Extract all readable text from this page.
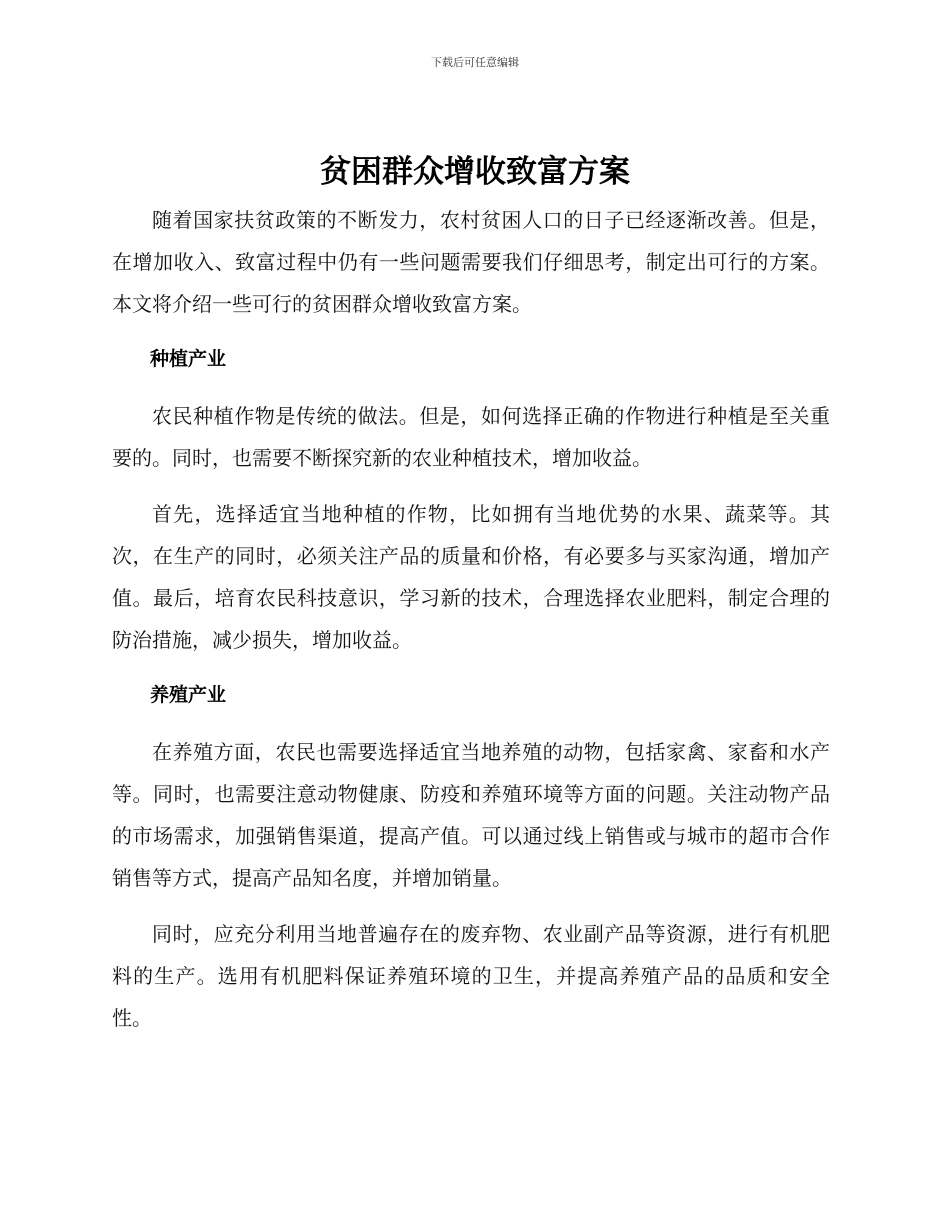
下载后可任意编辑
贫困群众增收致富方案

随着国家扶贫政策的不断发力，农村贫困人口的日子已经逐渐改善。但是，在增加收入、致富过程中仍有一些问题需要我们仔细思考，制定出可行的方案。本文将介绍一些可行的贫困群众增收致富方案。

种植产业

农民种植作物是传统的做法。但是，如何选择正确的作物进行种植是至关重要的。同时，也需要不断探究新的农业种植技术，增加收益。

首先，选择适宜当地种植的作物，比如拥有当地优势的水果、蔬菜等。其次，在生产的同时，必须关注产品的质量和价格，有必要多与买家沟通，增加产值。最后，培育农民科技意识，学习新的技术，合理选择农业肥料，制定合理的防治措施，减少损失，增加收益。

养殖产业

在养殖方面，农民也需要选择适宜当地养殖的动物，包括家禽、家畜和水产等。同时，也需要注意动物健康、防疫和养殖环境等方面的问题。关注动物产品的市场需求，加强销售渠道，提高产值。可以通过线上销售或与城市的超市合作销售等方式，提高产品知名度，并增加销量。

同时，应充分利用当地普遍存在的废弃物、农业副产品等资源，进行有机肥料的生产。选用有机肥料保证养殖环境的卫生，并提高养殖产品的品质和安全性。
